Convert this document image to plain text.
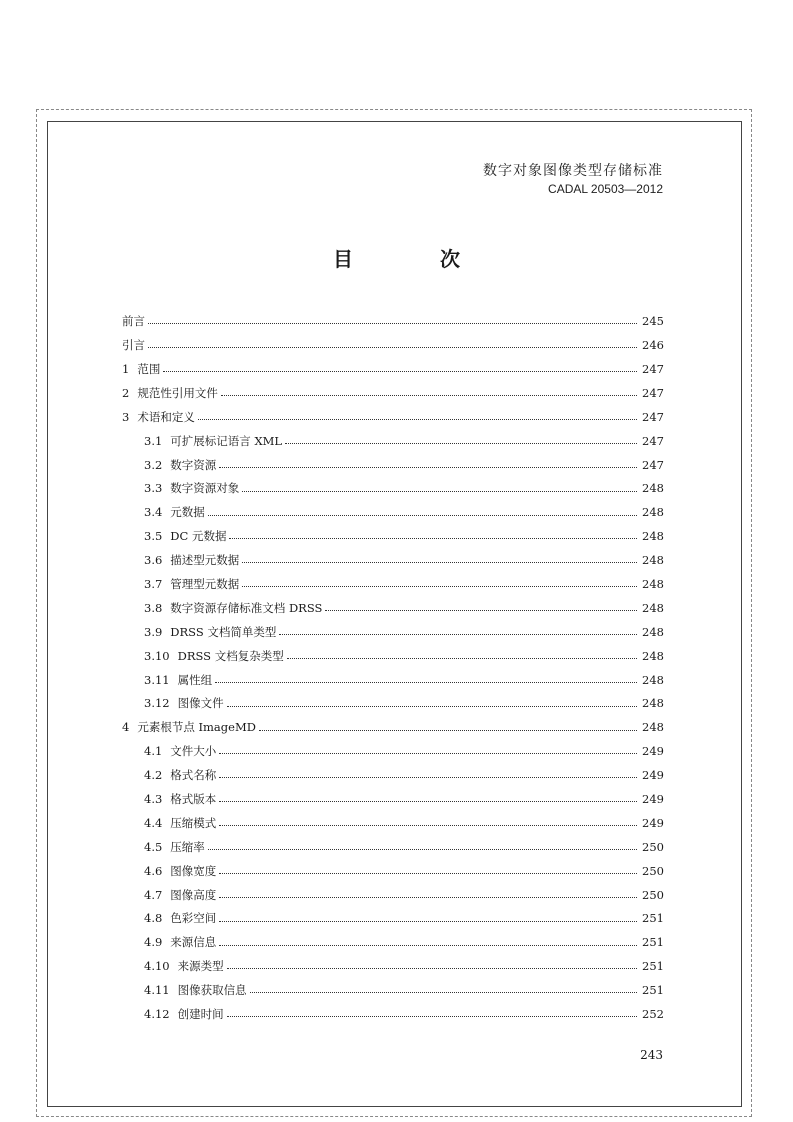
数字对象图像类型存储标准
CADAL 20503—2012
目 次
前言	245
引言	246
1 范围	247
2 规范性引用文件	247
3 术语和定义	247
3.1 可扩展标记语言 XML	247
3.2 数字资源	247
3.3 数字资源对象	248
3.4 元数据	248
3.5 DC 元数据	248
3.6 描述型元数据	248
3.7 管理型元数据	248
3.8 数字资源存储标准文档 DRSS	248
3.9 DRSS 文档简单类型	248
3.10 DRSS 文档复杂类型	248
3.11 属性组	248
3.12 图像文件	248
4 元素根节点 ImageMD	248
4.1 文件大小	249
4.2 格式名称	249
4.3 格式版本	249
4.4 压缩模式	249
4.5 压缩率	250
4.6 图像宽度	250
4.7 图像高度	250
4.8 色彩空间	251
4.9 来源信息	251
4.10 来源类型	251
4.11 图像获取信息	251
4.12 创建时间	252
243
